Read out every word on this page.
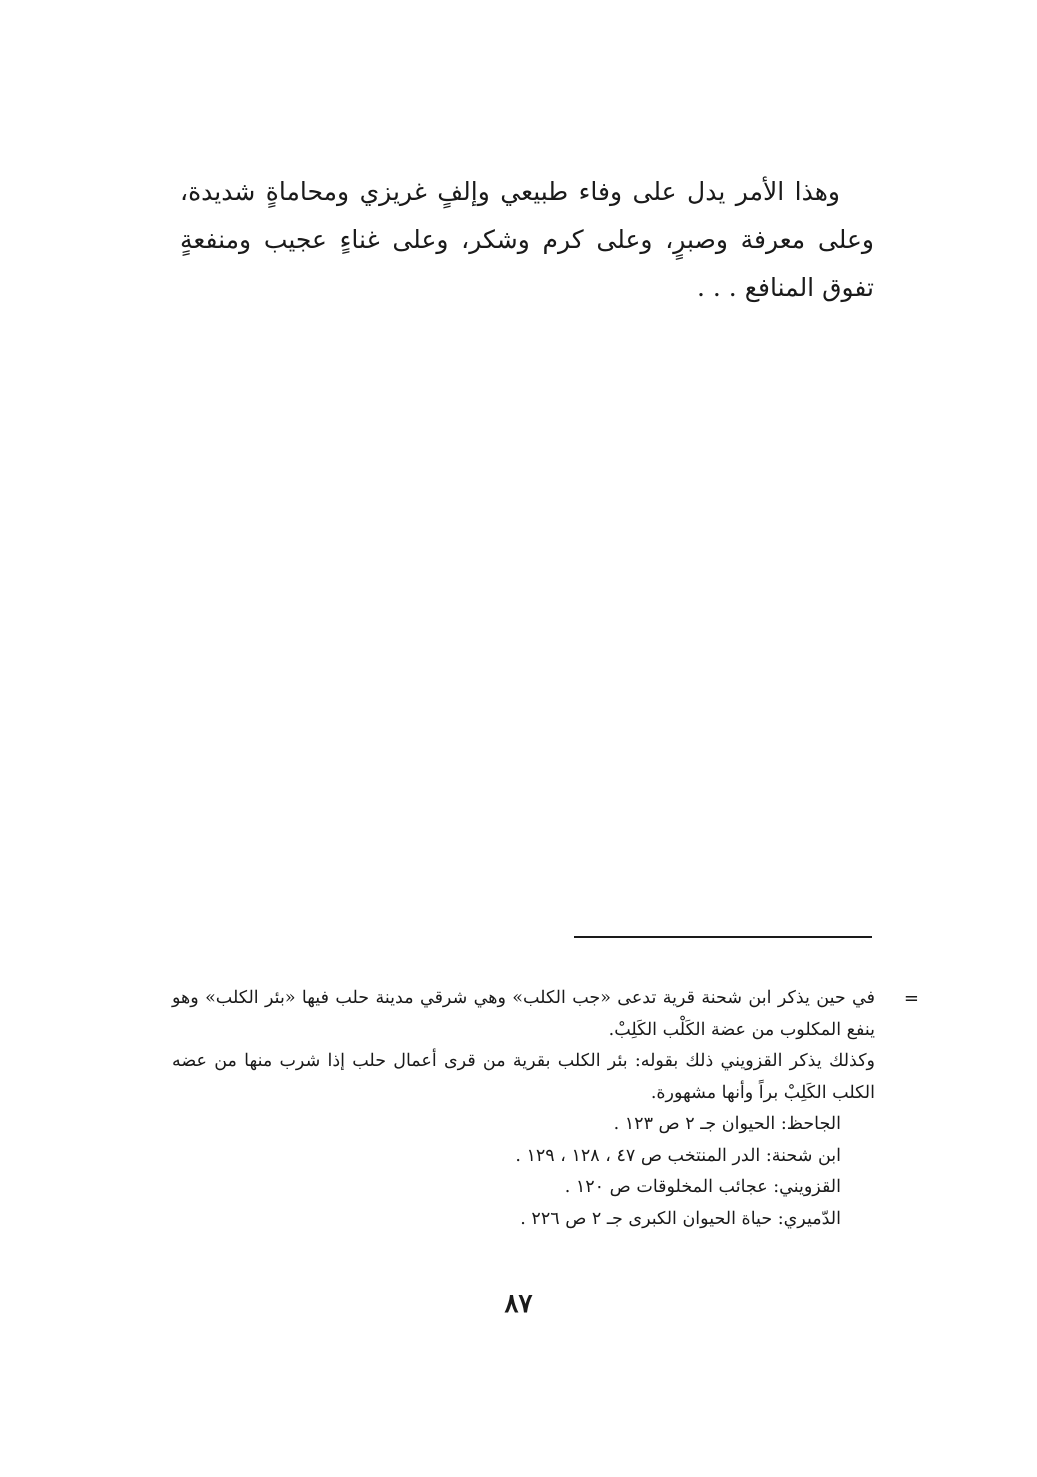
وهذا الأمر يدل على وفاء طبيعي وإلفٍ غريزي ومحاماةٍ شديدة، وعلى معرفة وصبرٍ، وعلى كرم وشكر، وعلى غناءٍ عجيب ومنفعةٍ تفوق المنافع . . .

=
في حين يذكر ابن شحنة قرية تدعى «جب الكلب» وهي شرقي مدينة حلب فيها «بئر الكلب» وهو ينفع المكلوب من عضة الكَلْب الكَلِبْ.

وكذلك يذكر القزويني ذلك بقوله: بئر الكلب بقرية من قرى أعمال حلب إذا شرب منها من عضه الكلب الكَلِبْ براً وأنها مشهورة.

الجاحظ: الحيوان جـ ٢ ص ١٢٣ .

ابن شحنة: الدر المنتخب ص ٤٧ ، ١٢٨ ، ١٢٩ .

القزويني: عجائب المخلوقات ص ١٢٠ .

الدّميري: حياة الحيوان الكبرى جـ ٢ ص ٢٢٦ .

٨٧
